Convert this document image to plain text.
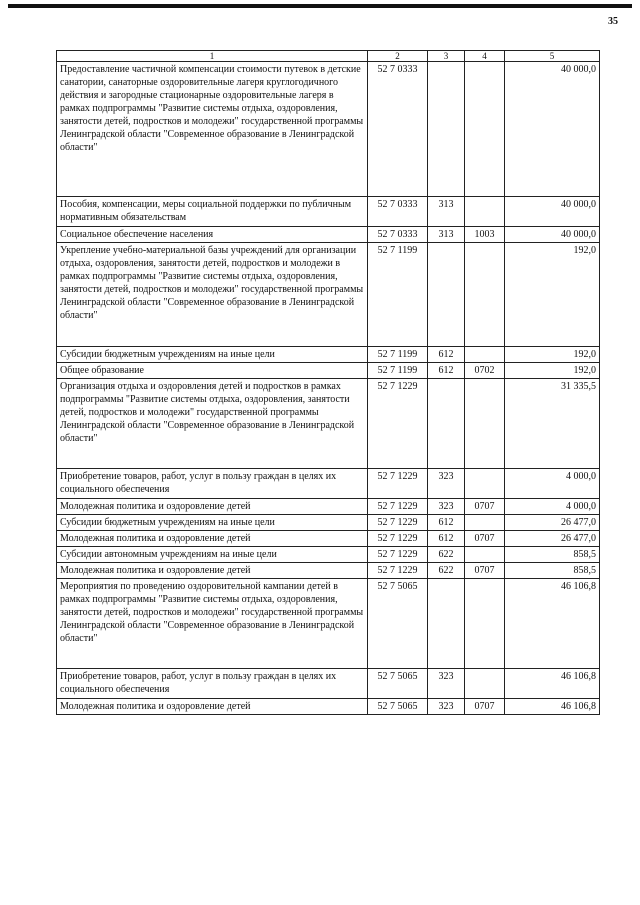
35
1	2	3	4	5
Предоставление частичной компенсации стоимости путевок в детские санатории, санаторные оздоровительные лагеря круглогодичного действия и загородные стационарные оздоровительные лагеря в рамках подпрограммы "Развитие системы отдыха, оздоровления, занятости детей, подростков и молодежи" государственной программы Ленинградской области "Современное образование в Ленинградской области"	52 7 0333			40 000,0
Пособия, компенсации, меры социальной поддержки по публичным нормативным обязательствам	52 7 0333	313		40 000,0
Социальное обеспечение населения	52 7 0333	313	1003	40 000,0
Укрепление учебно-материальной базы учреждений для организации отдыха, оздоровления, занятости детей, подростков и молодежи в рамках подпрограммы "Развитие системы отдыха, оздоровления, занятости детей, подростков и молодежи" государственной программы Ленинградской области "Современное образование в Ленинградской области"	52 7 1199			192,0
Субсидии бюджетным учреждениям на иные цели	52 7 1199	612		192,0
Общее образование	52 7 1199	612	0702	192,0
Организация отдыха и оздоровления детей и подростков в рамках подпрограммы "Развитие системы отдыха, оздоровления, занятости детей, подростков и молодежи" государственной программы Ленинградской области "Современное образование в Ленинградской области"	52 7 1229			31 335,5
Приобретение товаров, работ, услуг в пользу граждан в целях их социального обеспечения	52 7 1229	323		4 000,0
Молодежная политика и оздоровление детей	52 7 1229	323	0707	4 000,0
Субсидии бюджетным учреждениям на иные цели	52 7 1229	612		26 477,0
Молодежная политика и оздоровление детей	52 7 1229	612	0707	26 477,0
Субсидии автономным учреждениям на иные цели	52 7 1229	622		858,5
Молодежная политика и оздоровление детей	52 7 1229	622	0707	858,5
Мероприятия по проведению оздоровительной кампании детей в рамках подпрограммы "Развитие системы отдыха, оздоровления, занятости детей, подростков и молодежи" государственной программы Ленинградской области "Современное образование в Ленинградской области"	52 7 5065			46 106,8
Приобретение товаров, работ, услуг в пользу граждан в целях их социального обеспечения	52 7 5065	323		46 106,8
Молодежная политика и оздоровление детей	52 7 5065	323	0707	46 106,8
